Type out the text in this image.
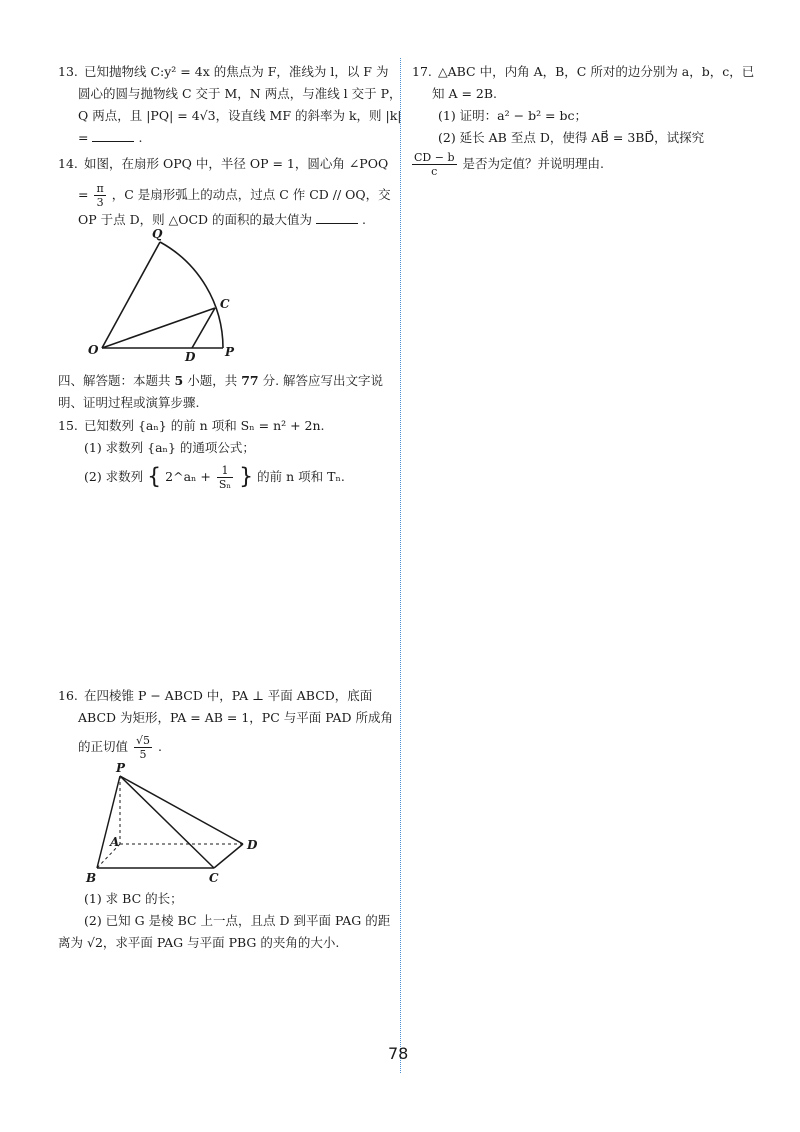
78
13. 已知抛物线 C:y² = 4x 的焦点为 F，准线为 l，以 F 为
圆心的圆与抛物线 C 交于 M，N 两点，与准线 l 交于 P，
Q 两点，且 |PQ| = 4√3，设直线 MF 的斜率为 k，则 |k|
=	.
14. 如图，在扇形 OPQ 中，半径 OP = 1，圆心角 ∠POQ
= $\frac{\pi}{3}$ ，C 是扇形弧上的动点，过点 C 作 CD // OQ，交
OP 于点 D，则 △OCD 的面积的最大值为	.
Q
C
O	D P
四、解答题：本题共 5 小题，共 77 分. 解答应写出文字说
明、证明过程或演算步骤.
15. 已知数列 {aₙ} 的前 n 项和 Sₙ = n² + 2n.
(1) 求数列 {aₙ} 的通项公式；
(2) 求数列 { 2^aₙ + $\frac{1}{\text{Sₙ}}$ } 的前 n 项和 Tₙ.
16. 在四棱锥 P − ABCD 中，PA ⊥ 平面 ABCD，底面
ABCD 为矩形，PA = AB = 1，PC 与平面 PAD 所成角
的正切值 $\frac{√5}{5}$ .
P
A
B	C
D
(1) 求 BC 的长；
(2) 已知 G 是棱 BC 上一点，且点 D 到平面 PAG 的距
离为 √2，求平面 PAG 与平面 PBG 的夹角的大小.
17. △ABC 中，内角 A，B，C 所对的边分别为 a，b，c，已
知 A = 2B.
(1) 证明：a² − b² = bc；
(2) 延长 AB 至点 D，使得 AB⃗ = 3BD⃗，试探究
$\frac{CD - b}{c}$ 是否为定值？并说明理由.
